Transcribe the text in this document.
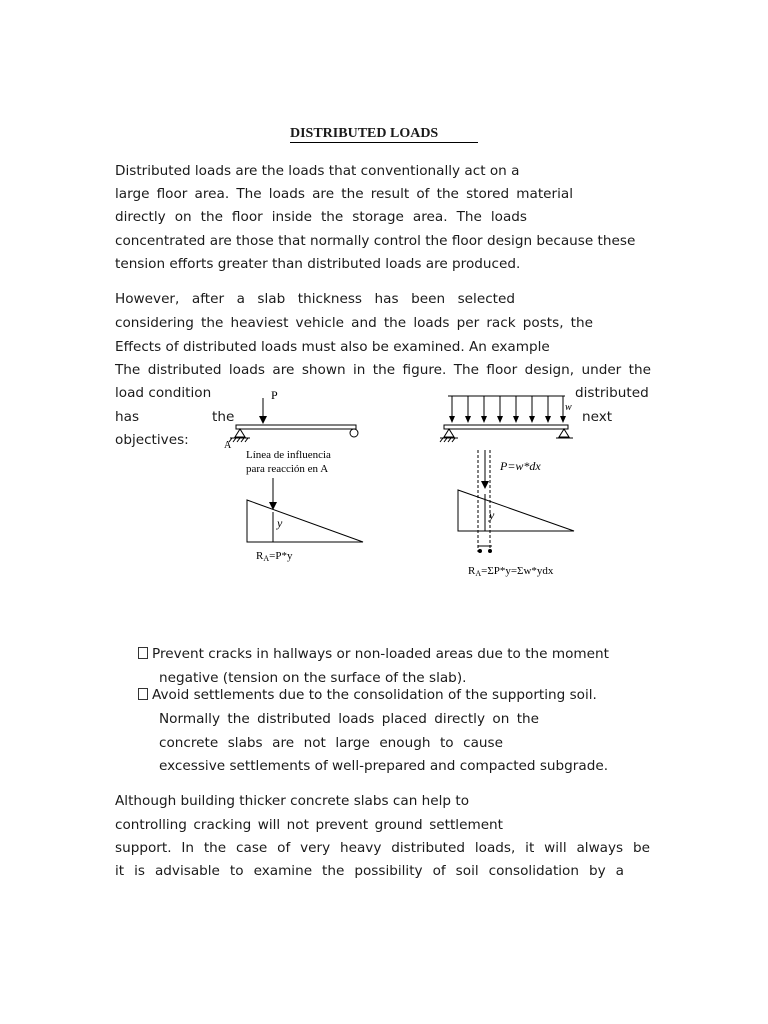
DISTRIBUTED LOADS
Distributed loads are the loads that conventionally act on a
large floor area. The loads are the result of the stored material
directly on the floor inside the storage area. The loads
concentrated are those that normally control the floor design because these
tension efforts greater than distributed loads are produced.
However, after a slab thickness has been selected
considering the heaviest vehicle and the loads per rack posts, the
Effects of distributed loads must also be examined. An example
The distributed loads are shown in the figure. The floor design, under the
load condition	distributed
has	the	next
objectives:
P
A
Línea de influencia
para reacción en A
y
RA=P*y
w
P=w*dx
y
RA=ΣP*y=Σw*ydx
Prevent cracks in hallways or non-loaded areas due to the moment
negative (tension on the surface of the slab).
Avoid settlements due to the consolidation of the supporting soil.
Normally the distributed loads placed directly on the
concrete slabs are not large enough to cause
excessive settlements of well-prepared and compacted subgrade.
Although building thicker concrete slabs can help to
controlling cracking will not prevent ground settlement
support. In the case of very heavy distributed loads, it will always be
it is advisable to examine the possibility of soil consolidation by a
